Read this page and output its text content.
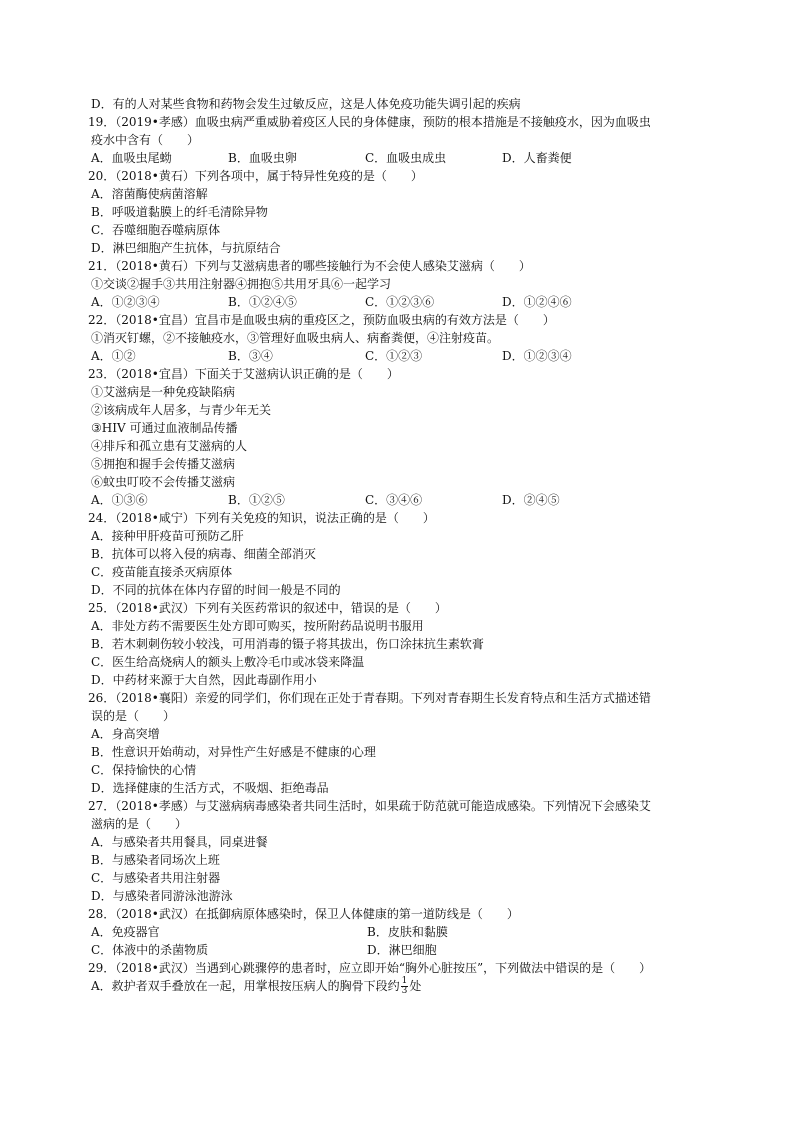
D．有的人对某些食物和药物会发生过敏反应，这是人体免疫功能失调引起的疾病
19．（2019•孝感）血吸虫病严重威胁着疫区人民的身体健康，预防的根本措施是不接触疫水，因为血吸虫
疫水中含有（　　）
A．血吸虫尾蚴	B．血吸虫卵	C．血吸虫成虫	D．人畜粪便
20．（2018•黄石）下列各项中，属于特异性免疫的是（　　）
A．溶菌酶使病菌溶解
B．呼吸道黏膜上的纤毛清除异物
C．吞噬细胞吞噬病原体
D．淋巴细胞产生抗体，与抗原结合
21．（2018•黄石）下列与艾滋病患者的哪些接触行为不会使人感染艾滋病（　　）
①交谈②握手③共用注射器④拥抱⑤共用牙具⑥一起学习
A．①②③④	B．①②④⑤	C．①②③⑥	D．①②④⑥
22．（2018•宜昌）宜昌市是血吸虫病的重疫区之，预防血吸虫病的有效方法是（　　）
①消灭钉螺，②不接触疫水，③管理好血吸虫病人、病畜粪便，④注射疫苗。
A．①②	B．③④	C．①②③	D．①②③④
23．（2018•宜昌）下面关于艾滋病认识正确的是（　　）
①艾滋病是一种免疫缺陷病
②该病成年人居多，与青少年无关
③HIV 可通过血液制品传播
④排斥和孤立患有艾滋病的人
⑤拥抱和握手会传播艾滋病
⑥蚊虫叮咬不会传播艾滋病
A．①③⑥	B．①②⑤	C．③④⑥	D．②④⑤
24．（2018•咸宁）下列有关免疫的知识，说法正确的是（　　）
A．接种甲肝疫苗可预防乙肝
B．抗体可以将入侵的病毒、细菌全部消灭
C．疫苗能直接杀灭病原体
D．不同的抗体在体内存留的时间一般是不同的
25．（2018•武汉）下列有关医药常识的叙述中，错误的是（　　）
A．非处方药不需要医生处方即可购买，按所附药品说明书服用
B．若木刺刺伤较小较浅，可用消毒的镊子将其拔出，伤口涂抹抗生素软膏
C．医生给高烧病人的额头上敷冷毛巾或冰袋来降温
D．中药材来源于大自然，因此毒副作用小
26．（2018•襄阳）亲爱的同学们，你们现在正处于青春期。下列对青春期生长发育特点和生活方式描述错
误的是（　　）
A．身高突增
B．性意识开始萌动，对异性产生好感是不健康的心理
C．保持愉快的心情
D．选择健康的生活方式，不吸烟、拒绝毒品
27．（2018•孝感）与艾滋病病毒感染者共同生活时，如果疏于防范就可能造成感染。下列情况下会感染艾
滋病的是（　　）
A．与感染者共用餐具，同桌进餐
B．与感染者同场次上班
C．与感染者共用注射器
D．与感染者同游泳池游泳
28．（2018•武汉）在抵御病原体感染时，保卫人体健康的第一道防线是（　　）
A．免疫器官	B．皮肤和黏膜
C．体液中的杀菌物质	D．淋巴细胞
29．（2018•武汉）当遇到心跳骤停的患者时，应立即开始“胸外心脏按压”，下列做法中错误的是（　　）
A．救护者双手叠放在一起，用掌根按压病人的胸骨下段约 $\frac{1}{3}$ 处
